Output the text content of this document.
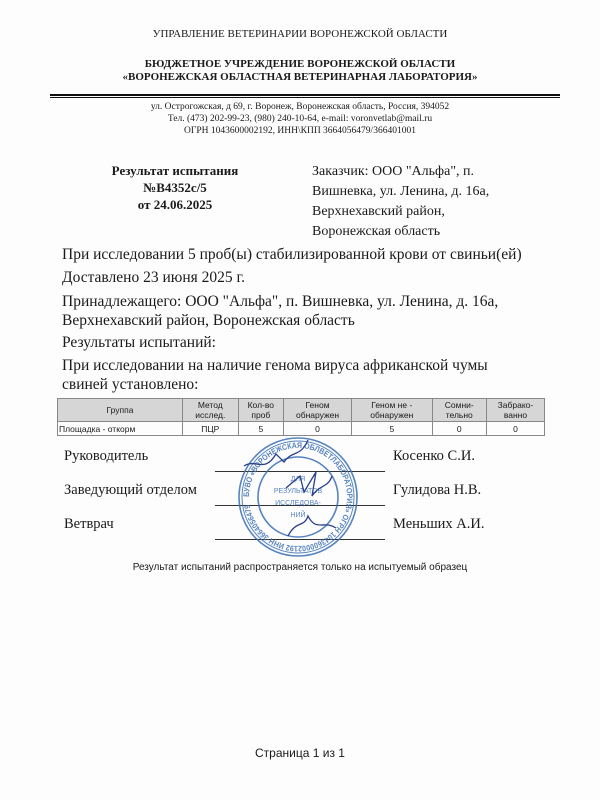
УПРАВЛЕНИЕ ВЕТЕРИНАРИИ ВОРОНЕЖСКОЙ ОБЛАСТИ
БЮДЖЕТНОЕ УЧРЕЖДЕНИЕ ВОРОНЕЖСКОЙ ОБЛАСТИ
«ВОРОНЕЖСКАЯ ОБЛАСТНАЯ ВЕТЕРИНАРНАЯ ЛАБОРАТОРИЯ»
ул. Острогожская, д 69, г. Воронеж, Воронежская область, Россия, 394052
Тел. (473) 202-99-23, (980) 240-10-64, e-mail: voronvetlab@mail.ru
ОГРН 1043600002192, ИНН\КПП 3664056479/366401001
Результат испытания
№В4352с/5
от 24.06.2025
Заказчик: ООО "Альфа", п.
Вишневка, ул. Ленина, д. 16а,
Верхнехавский район,
Воронежская область
При исследовании 5 проб(ы) стабилизированной крови от свиньи(ей)
Доставлено 23 июня 2025 г.
Принадлежащего: ООО "Альфа", п. Вишневка, ул. Ленина, д. 16а,
Верхнехавский район, Воронежская область
Результаты испытаний:
При исследовании на наличие генома вируса африканской чумы
свиней установлено:
Группа	Метод исслед.	Кол-во проб	Геном обнаружен	Геном не - обнаружен	Сомни-тельно	Забрако-ванно
Площадка - откорм	ПЦР	5	0	5	0	0
Руководитель	Косенко С.И.
Заведующий отделом	Гулидова Н.В.
Ветврач	Меньших А.И.
БУВО «ВОРОНЕЖСКАЯ ОБЛВЕТЛАБОРАТОРИЯ» ОГРН 1043600002192 ИНН 3664056479
ДЛЯ
РЕЗУЛЬТАТОВ
ИССЛЕДОВА-
НИЙ
Результат испытаний распространяется только на испытуемый образец
Страница 1 из 1
